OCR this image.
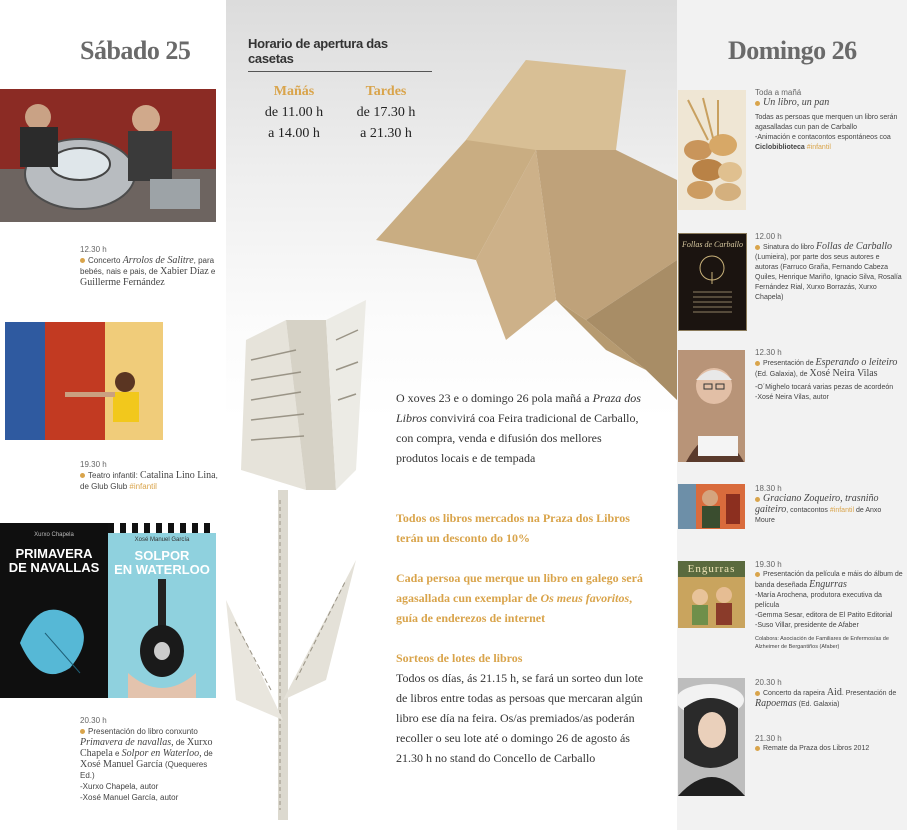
Sábado 25
12.30 h
Concerto Arrolos de Salitre, para bebés, nais e pais, de Xabier Díaz e Guillerme Fernández
19.30 h
Teatro infantil: Catalina Lino Lina, de Glub Glub #infantil
Xurxo Chapela
PRIMAVERA
DE NAVALLAS
Xosé Manuel García
SOLPOR
EN WATERLOO
20.30 h
Presentación do libro conxunto
Primavera de navallas, de Xurxo Chapela e Solpor en Waterloo, de Xosé Manuel García (Quequeres Ed.)
-Xurxo Chapela, autor
-Xosé Manuel García, autor
Horario de apertura das casetas
Mañás
de 11.00 h
a 14.00 h
Tardes
de 17.30 h
a 21.30 h
O xoves 23 e o domingo 26 pola mañá a Praza dos Libros convivirá coa Feira tradicional de Carballo, con compra, venda e difusión dos mellores produtos locais e de tempada
Todos os libros mercados na Praza dos Libros terán un desconto do 10%
Cada persoa que merque un libro en galego será agasallada cun exemplar de Os meus favoritos, guía de enderezos de internet
Sorteos de lotes de libros
Todos os días, ás 21.15 h, se fará un sorteo dun lote de libros entre todas as persoas que mercaran algún libro ese día na feira. Os/as premiados/as poderán recoller o seu lote até o domingo 26 de agosto ás 21.30 h no stand do Concello de Carballo
Domingo 26
Toda a mañá
Un libro, un pan
Todas as persoas que merquen un libro serán agasalladas cun pan de Carballo
-Animación e contacontos espontáneos coa Ciclobiblioteca #infantil
Follas de Carballo
12.00 h
Sinatura do libro Follas de Carballo
(Lumieira), por parte dos seus autores e autoras (Farruco Graña, Fernando Cabeza Quiles, Henrique Mariño, Ignacio Silva, Rosalía Fernández Rial, Xurxo Borrazás, Xurxo Chapela)
12.30 h
Presentación de Esperando o leiteiro (Ed. Galaxia), de Xosé Neira Vilas
-O´Mighelo tocará varias pezas de acordeón
-Xosé Neira Vilas, autor
18.30 h
Graciano Zoqueiro, trasniño gaiteiro, contacontos #infantil de Anxo Moure
Engurras	19.30 h
Presentación da película e máis do álbum de banda deseñada Engurras
-María Arochena, produtora executiva da película
-Gemma Sesar, editora de El Patito Editorial
-Suso Villar, presidente de Afaber
Colabora: Asociación de Familiares de Enfermos/as de Alzheimer de Bergantiños (Afaber)
20.30 h
Concerto da rapeira Aid. Presentación de Rapoemas (Ed. Galaxia)
21.30 h
Remate da Praza dos Libros 2012
